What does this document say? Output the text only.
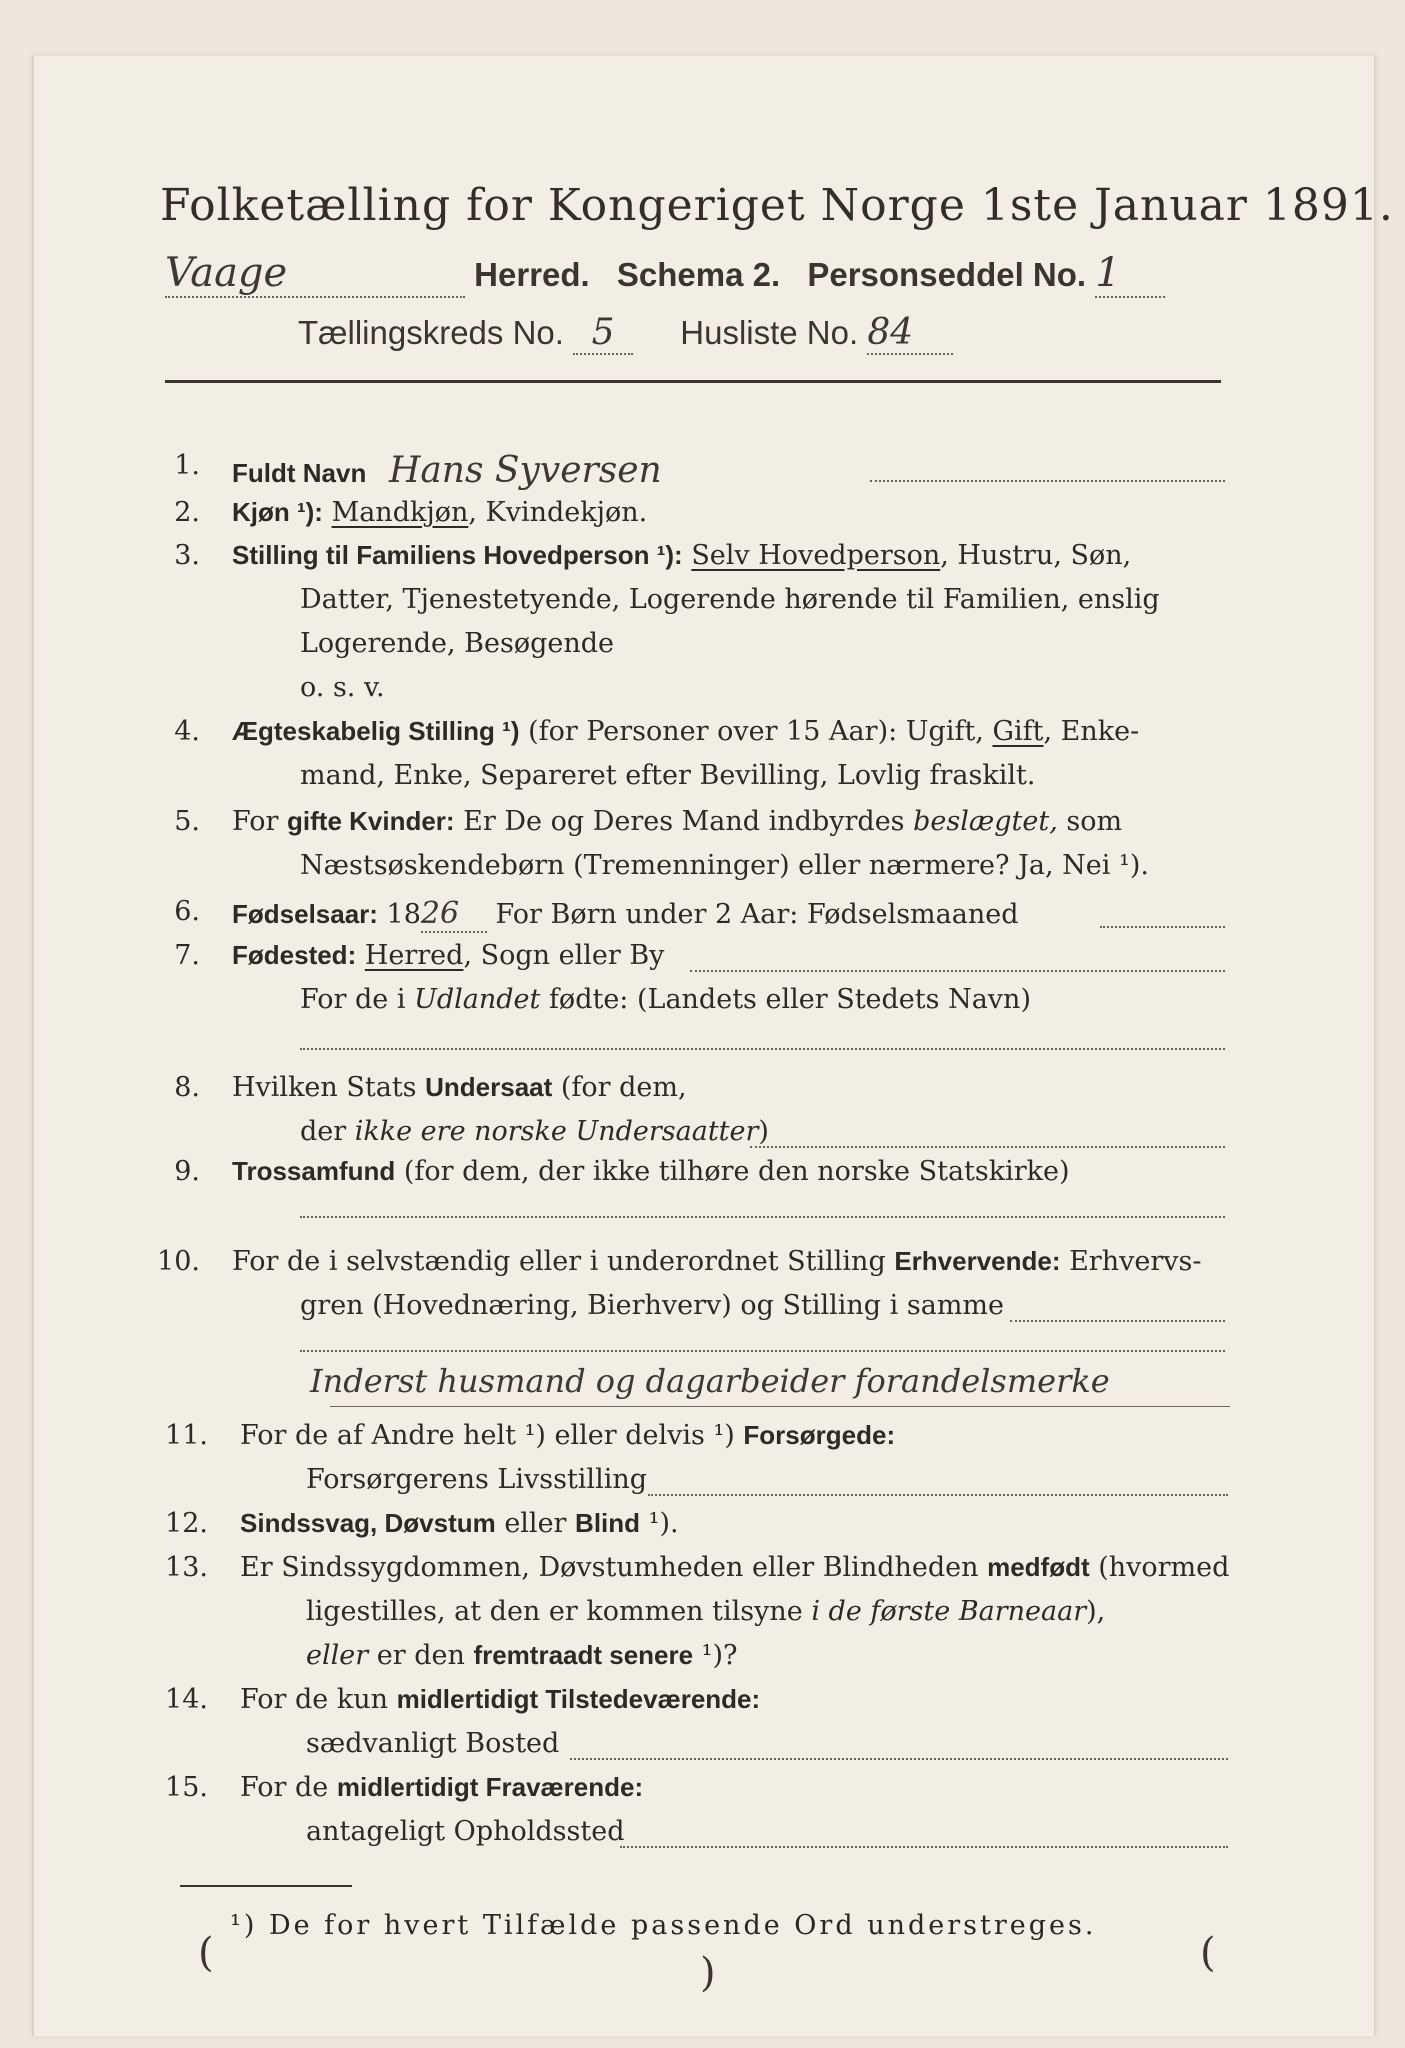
Folketælling for Kongeriget Norge 1ste Januar 1891.
Vaage	Herred. Schema 2. Personseddel No. 1
Tællingskreds No. 5 Husliste No. 84
1. Fuldt Navn Hans Syversen
2. Kjøn ¹): Mandkjøn, Kvindekjøn.
3. Stilling til Familiens Hovedperson ¹): Selv Hovedperson, Hustru, Søn,
Datter, Tjenestetyende, Logerende hørende til Familien, enslig
Logerende, Besøgende
o. s. v.
4. Ægteskabelig Stilling ¹) (for Personer over 15 Aar): Ugift, Gift, Enke-
mand, Enke, Separeret efter Bevilling, Lovlig fraskilt.
5. For gifte Kvinder: Er De og Deres Mand indbyrdes beslægtet, som
Næstsøskendebørn (Tremenninger) eller nærmere? Ja, Nei ¹).
6. Fødselsaar: 1826 For Børn under 2 Aar: Fødselsmaaned
7. Fødested: Herred, Sogn eller By
For de i Udlandet fødte: (Landets eller Stedets Navn)
8. Hvilken Stats Undersaat (for dem,
der ikke ere norske Undersaatter)
9. Trossamfund (for dem, der ikke tilhøre den norske Statskirke)
10. For de i selvstændig eller i underordnet Stilling Erhvervende: Erhvervs-
gren (Hovednæring, Bierhverv) og Stilling i samme
Inderst husmand og dagarbeider forandelsmerke
11. For de af Andre helt ¹) eller delvis ¹) Forsørgede:
Forsørgerens Livsstilling
12. Sindssvag, Døvstum eller Blind ¹).
13. Er Sindssygdommen, Døvstumheden eller Blindheden medfødt (hvormed
ligestilles, at den er kommen tilsyne i de første Barneaar),
eller er den fremtraadt senere ¹)?
14. For de kun midlertidigt Tilstedeværende:
sædvanligt Bosted
15. For de midlertidigt Fraværende:
antageligt Opholdssted
¹) De for hvert Tilfælde passende Ord understreges.
(	)	(
